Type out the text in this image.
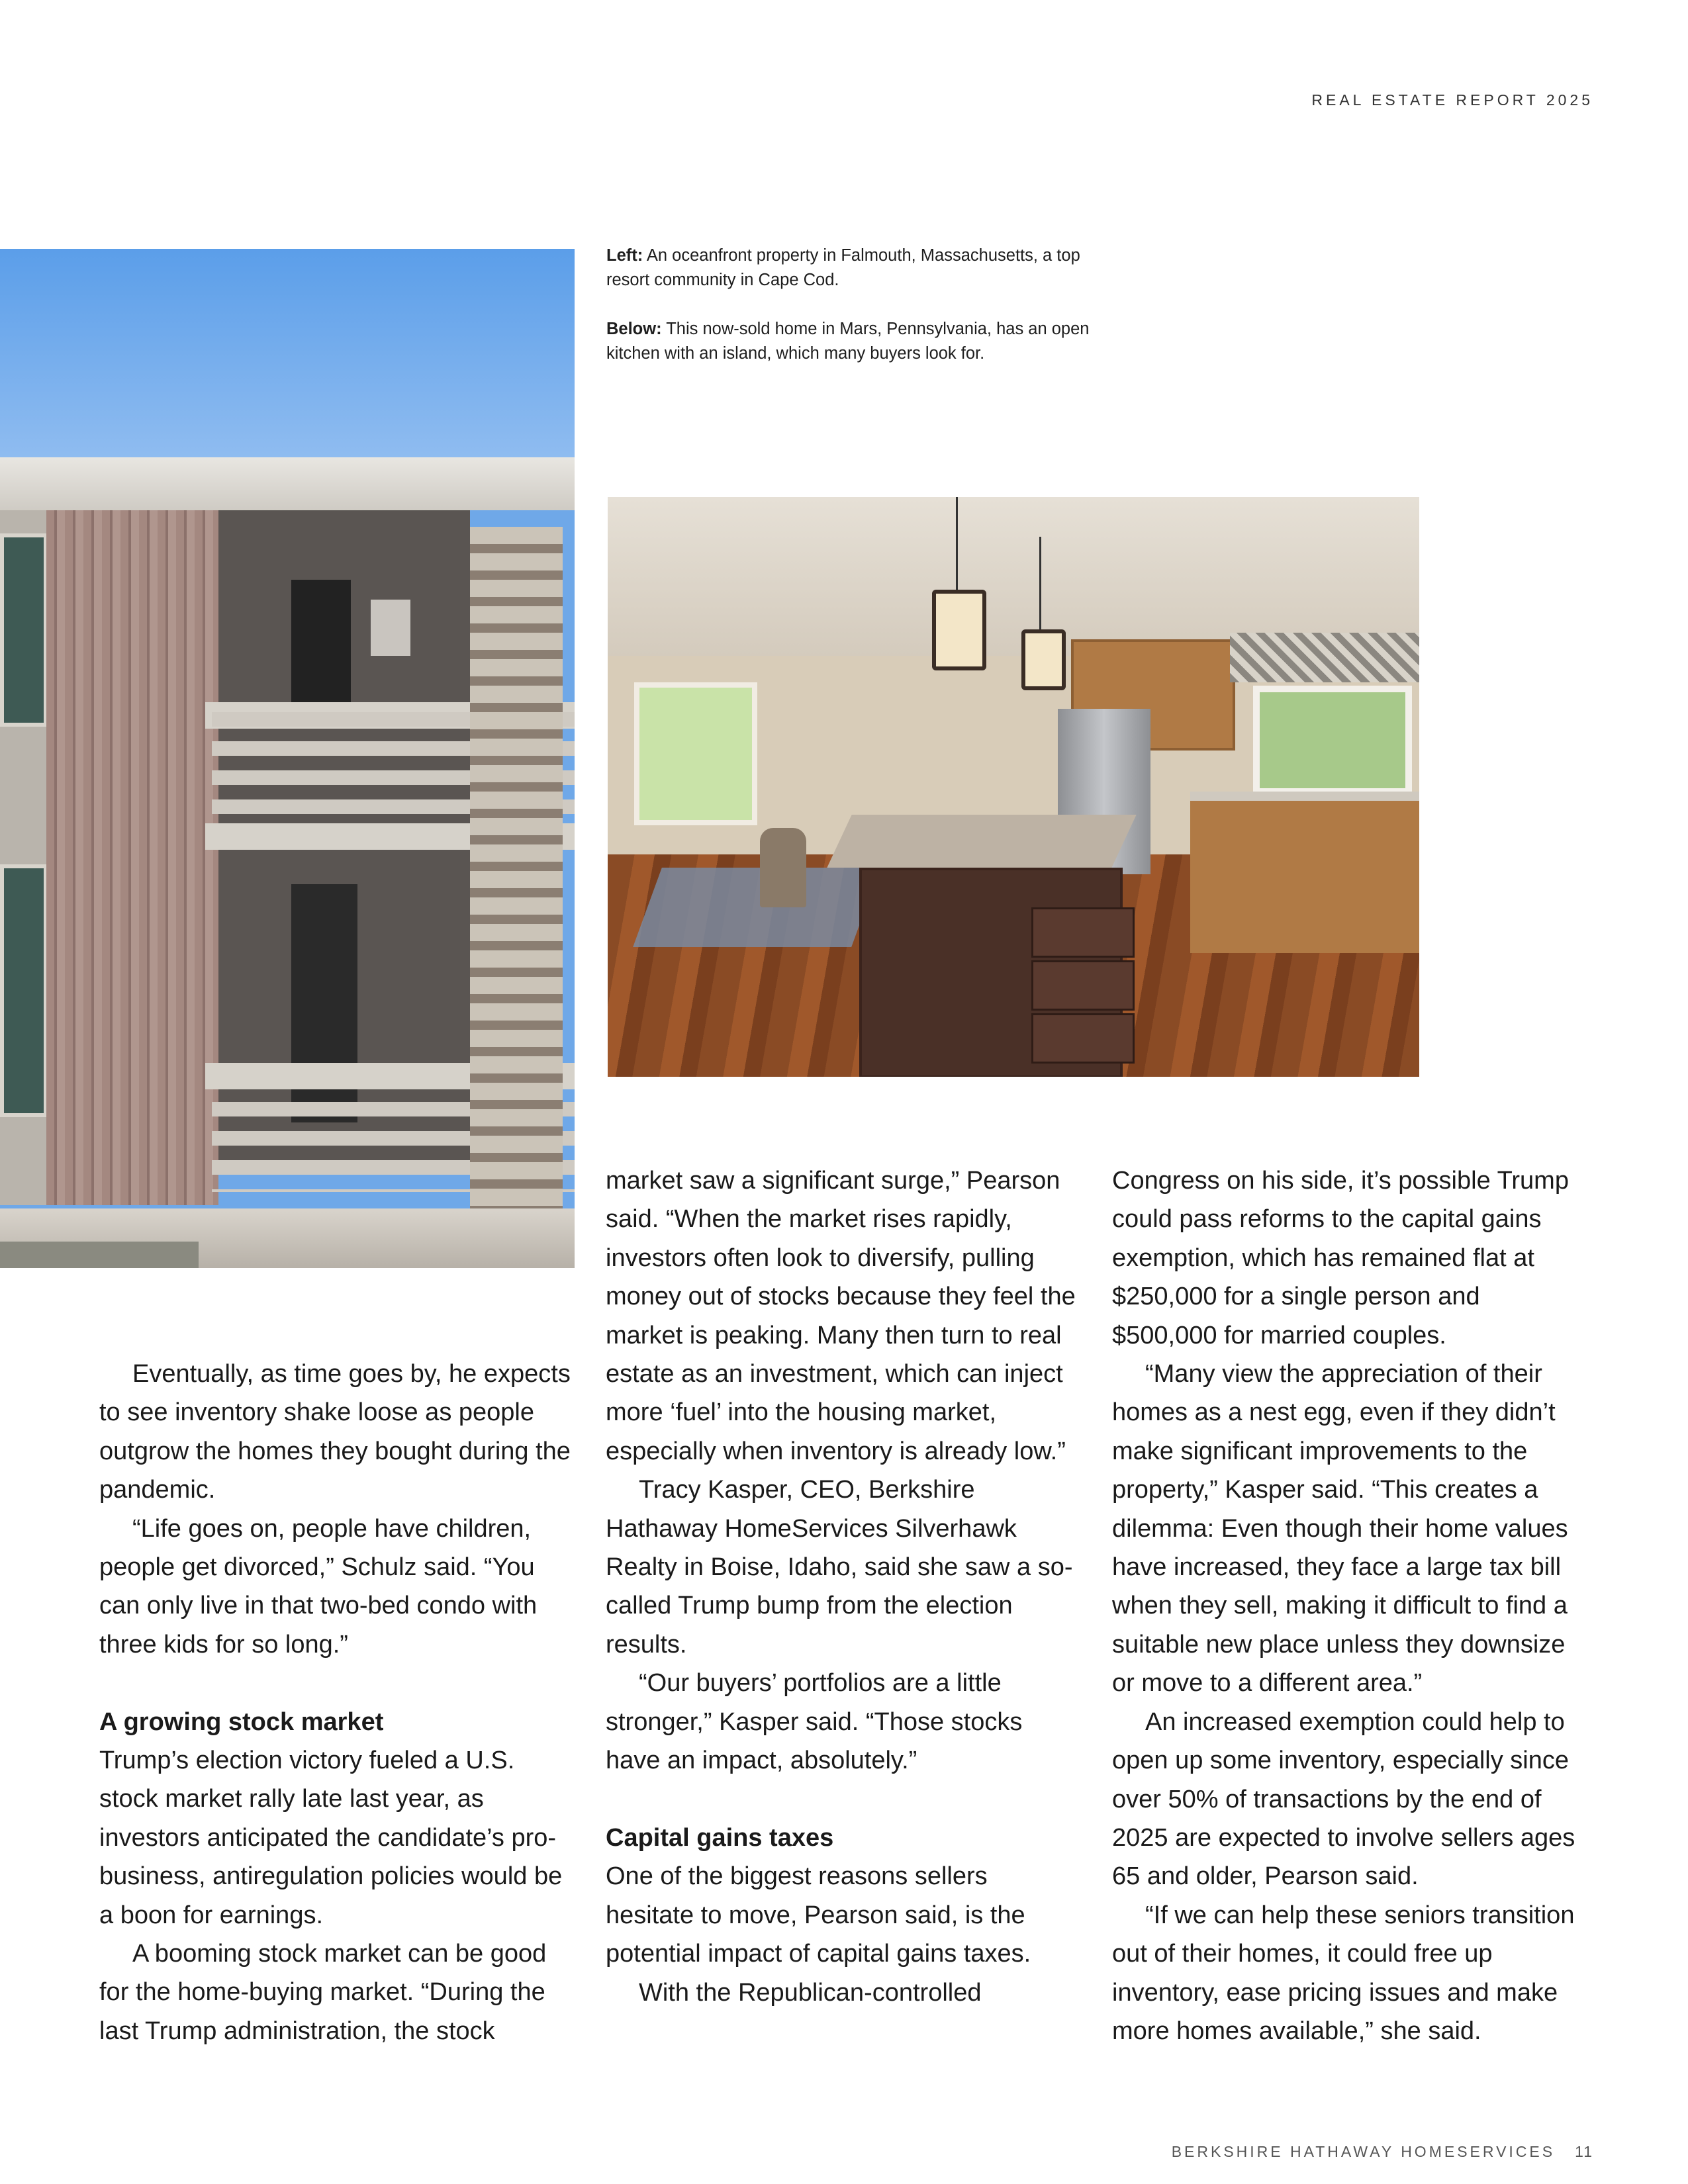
REAL ESTATE REPORT 2025

Left: An oceanfront property in Falmouth, Massachusetts, a top resort community in Cape Cod.

Below: This now-sold home in Mars, Pennsylvania, has an open kitchen with an island, which many buyers look for.

Eventually, as time goes by, he expects to see inventory shake loose as people outgrow the homes they bought during the pandemic.

“Life goes on, people have children, people get divorced,” Schulz said. “You can only live in that two-bed condo with three kids for so long.”

A growing stock market

Trump’s election victory fueled a U.S. stock market rally late last year, as investors anticipated the candidate’s pro-business, antiregulation policies would be a boon for earnings.

A booming stock market can be good for the home-buying market. “During the last Trump administration, the stock

market saw a significant surge,” Pearson said. “When the market rises rapidly, investors often look to diversify, pulling money out of stocks because they feel the market is peaking. Many then turn to real estate as an investment, which can inject more ‘fuel’ into the housing market, especially when inventory is already low.”

Tracy Kasper, CEO, Berkshire Hathaway HomeServices Silverhawk Realty in Boise, Idaho, said she saw a so-called Trump bump from the election results.

“Our buyers’ portfolios are a little stronger,” Kasper said. “Those stocks have an impact, absolutely.”

Capital gains taxes

One of the biggest reasons sellers hesitate to move, Pearson said, is the potential impact of capital gains taxes.

With the Republican-controlled

Congress on his side, it’s possible Trump could pass reforms to the capital gains exemption, which has remained flat at $250,000 for a single person and $500,000 for married couples.

“Many view the appreciation of their homes as a nest egg, even if they didn’t make significant improvements to the property,” Kasper said. “This creates a dilemma: Even though their home values have increased, they face a large tax bill when they sell, making it difficult to find a suitable new place unless they downsize or move to a different area.”

An increased exemption could help to open up some inventory, especially since over 50% of transactions by the end of 2025 are expected to involve sellers ages 65 and older, Pearson said.

“If we can help these seniors transition out of their homes, it could free up inventory, ease pricing issues and make more homes available,” she said.

BERKSHIRE HATHAWAY HOMESERVICES 11
